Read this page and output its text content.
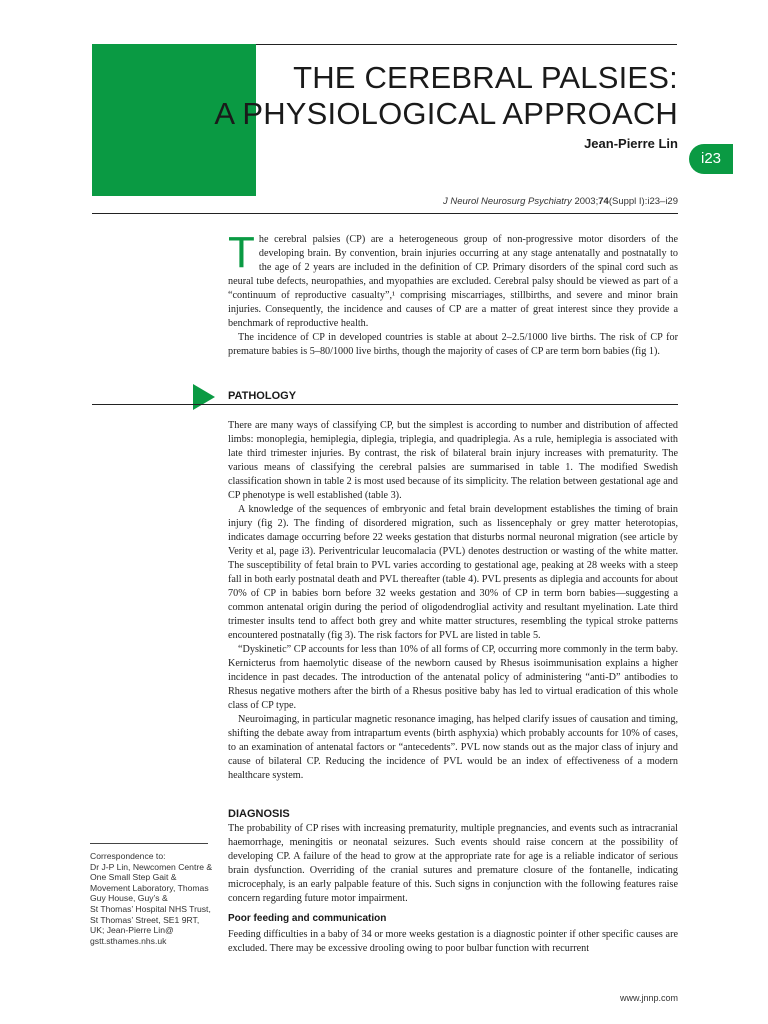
THE CEREBRAL PALSIES:
A PHYSIOLOGICAL APPROACH
Jean-Pierre Lin
i23
J Neurol Neurosurg Psychiatry 2003;74(Suppl I):i23–i29

The cerebral palsies (CP) are a heterogeneous group of non-progressive motor disorders of the developing brain. By convention, brain injuries occurring at any stage antenatally and postnatally to the age of 2 years are included in the definition of CP. Primary disorders of the spinal cord such as neural tube defects, neuropathies, and myopathies are excluded. Cerebral palsy should be viewed as part of a “continuum of reproductive casualty”,¹ comprising miscarriages, stillbirths, and severe and minor brain injuries. Consequently, the incidence and causes of CP are a matter of great interest since they provide a benchmark of reproductive health.

The incidence of CP in developed countries is stable at about 2–2.5/1000 live births. The risk of CP for premature babies is 5–80/1000 live births, though the majority of cases of CP are term born babies (fig 1).

PATHOLOGY

There are many ways of classifying CP, but the simplest is according to number and distribution of affected limbs: monoplegia, hemiplegia, diplegia, triplegia, and quadriplegia. As a rule, hemiplegia is associated with late third trimester injuries. By contrast, the risk of bilateral brain injury increases with prematurity. The various means of classifying the cerebral palsies are summarised in table 1. The modified Swedish classification shown in table 2 is most used because of its simplicity. The relation between gestational age and CP phenotype is well established (table 3).

A knowledge of the sequences of embryonic and fetal brain development establishes the timing of brain injury (fig 2). The finding of disordered migration, such as lissencephaly or grey matter heterotopias, indicates damage occurring before 22 weeks gestation that disturbs normal neuronal migration (see article by Verity et al, page i3). Periventricular leucomalacia (PVL) denotes destruction or wasting of the white matter. The susceptibility of fetal brain to PVL varies according to gestational age, peaking at 28 weeks with a steep fall in both early postnatal death and PVL thereafter (table 4). PVL presents as diplegia and accounts for about 70% of CP in babies born before 32 weeks gestation and 30% of CP in term born babies—suggesting a common antenatal origin during the period of oligodendroglial activity and resultant myelination. Late third trimester insults tend to affect both grey and white matter structures, resembling the typical stroke patterns encountered postnatally (fig 3). The risk factors for PVL are listed in table 5.

“Dyskinetic” CP accounts for less than 10% of all forms of CP, occurring more commonly in the term baby. Kernicterus from haemolytic disease of the newborn caused by Rhesus isoimmunisation explains a higher incidence in past decades. The introduction of the antenatal policy of administering “anti-D” antibodies to Rhesus negative mothers after the birth of a Rhesus positive baby has led to virtual eradication of this whole class of CP type.

Neuroimaging, in particular magnetic resonance imaging, has helped clarify issues of causation and timing, shifting the debate away from intrapartum events (birth asphyxia) which probably accounts for 10% of cases, to an examination of antenatal factors or “antecedents”. PVL now stands out as the major class of injury and cause of bilateral CP. Reducing the incidence of PVL would be an index of effectiveness of a modern healthcare system.

DIAGNOSIS

The probability of CP rises with increasing prematurity, multiple pregnancies, and events such as intracranial haemorrhage, meningitis or neonatal seizures. Such events should raise concern at the possibility of developing CP. A failure of the head to grow at the appropriate rate for age is a reliable indicator of serious brain dysfunction. Overriding of the cranial sutures and premature closure of the fontanelle, indicating microcephaly, is an early palpable feature of this. Such signs in conjunction with the following features raise concern regarding future motor impairment.

Poor feeding and communication

Feeding difficulties in a baby of 34 or more weeks gestation is a diagnostic pointer if other specific causes are excluded. There may be excessive drooling owing to poor bulbar function with recurrent

Correspondence to:
Dr J-P Lin, Newcomen Centre &
One Small Step Gait &
Movement Laboratory, Thomas
Guy House, Guy’s &
St Thomas’ Hospital NHS Trust,
St Thomas’ Street, SE1 9RT,
UK; Jean-Pierre Lin@
gstt.sthames.nhs.uk
www.jnnp.com
